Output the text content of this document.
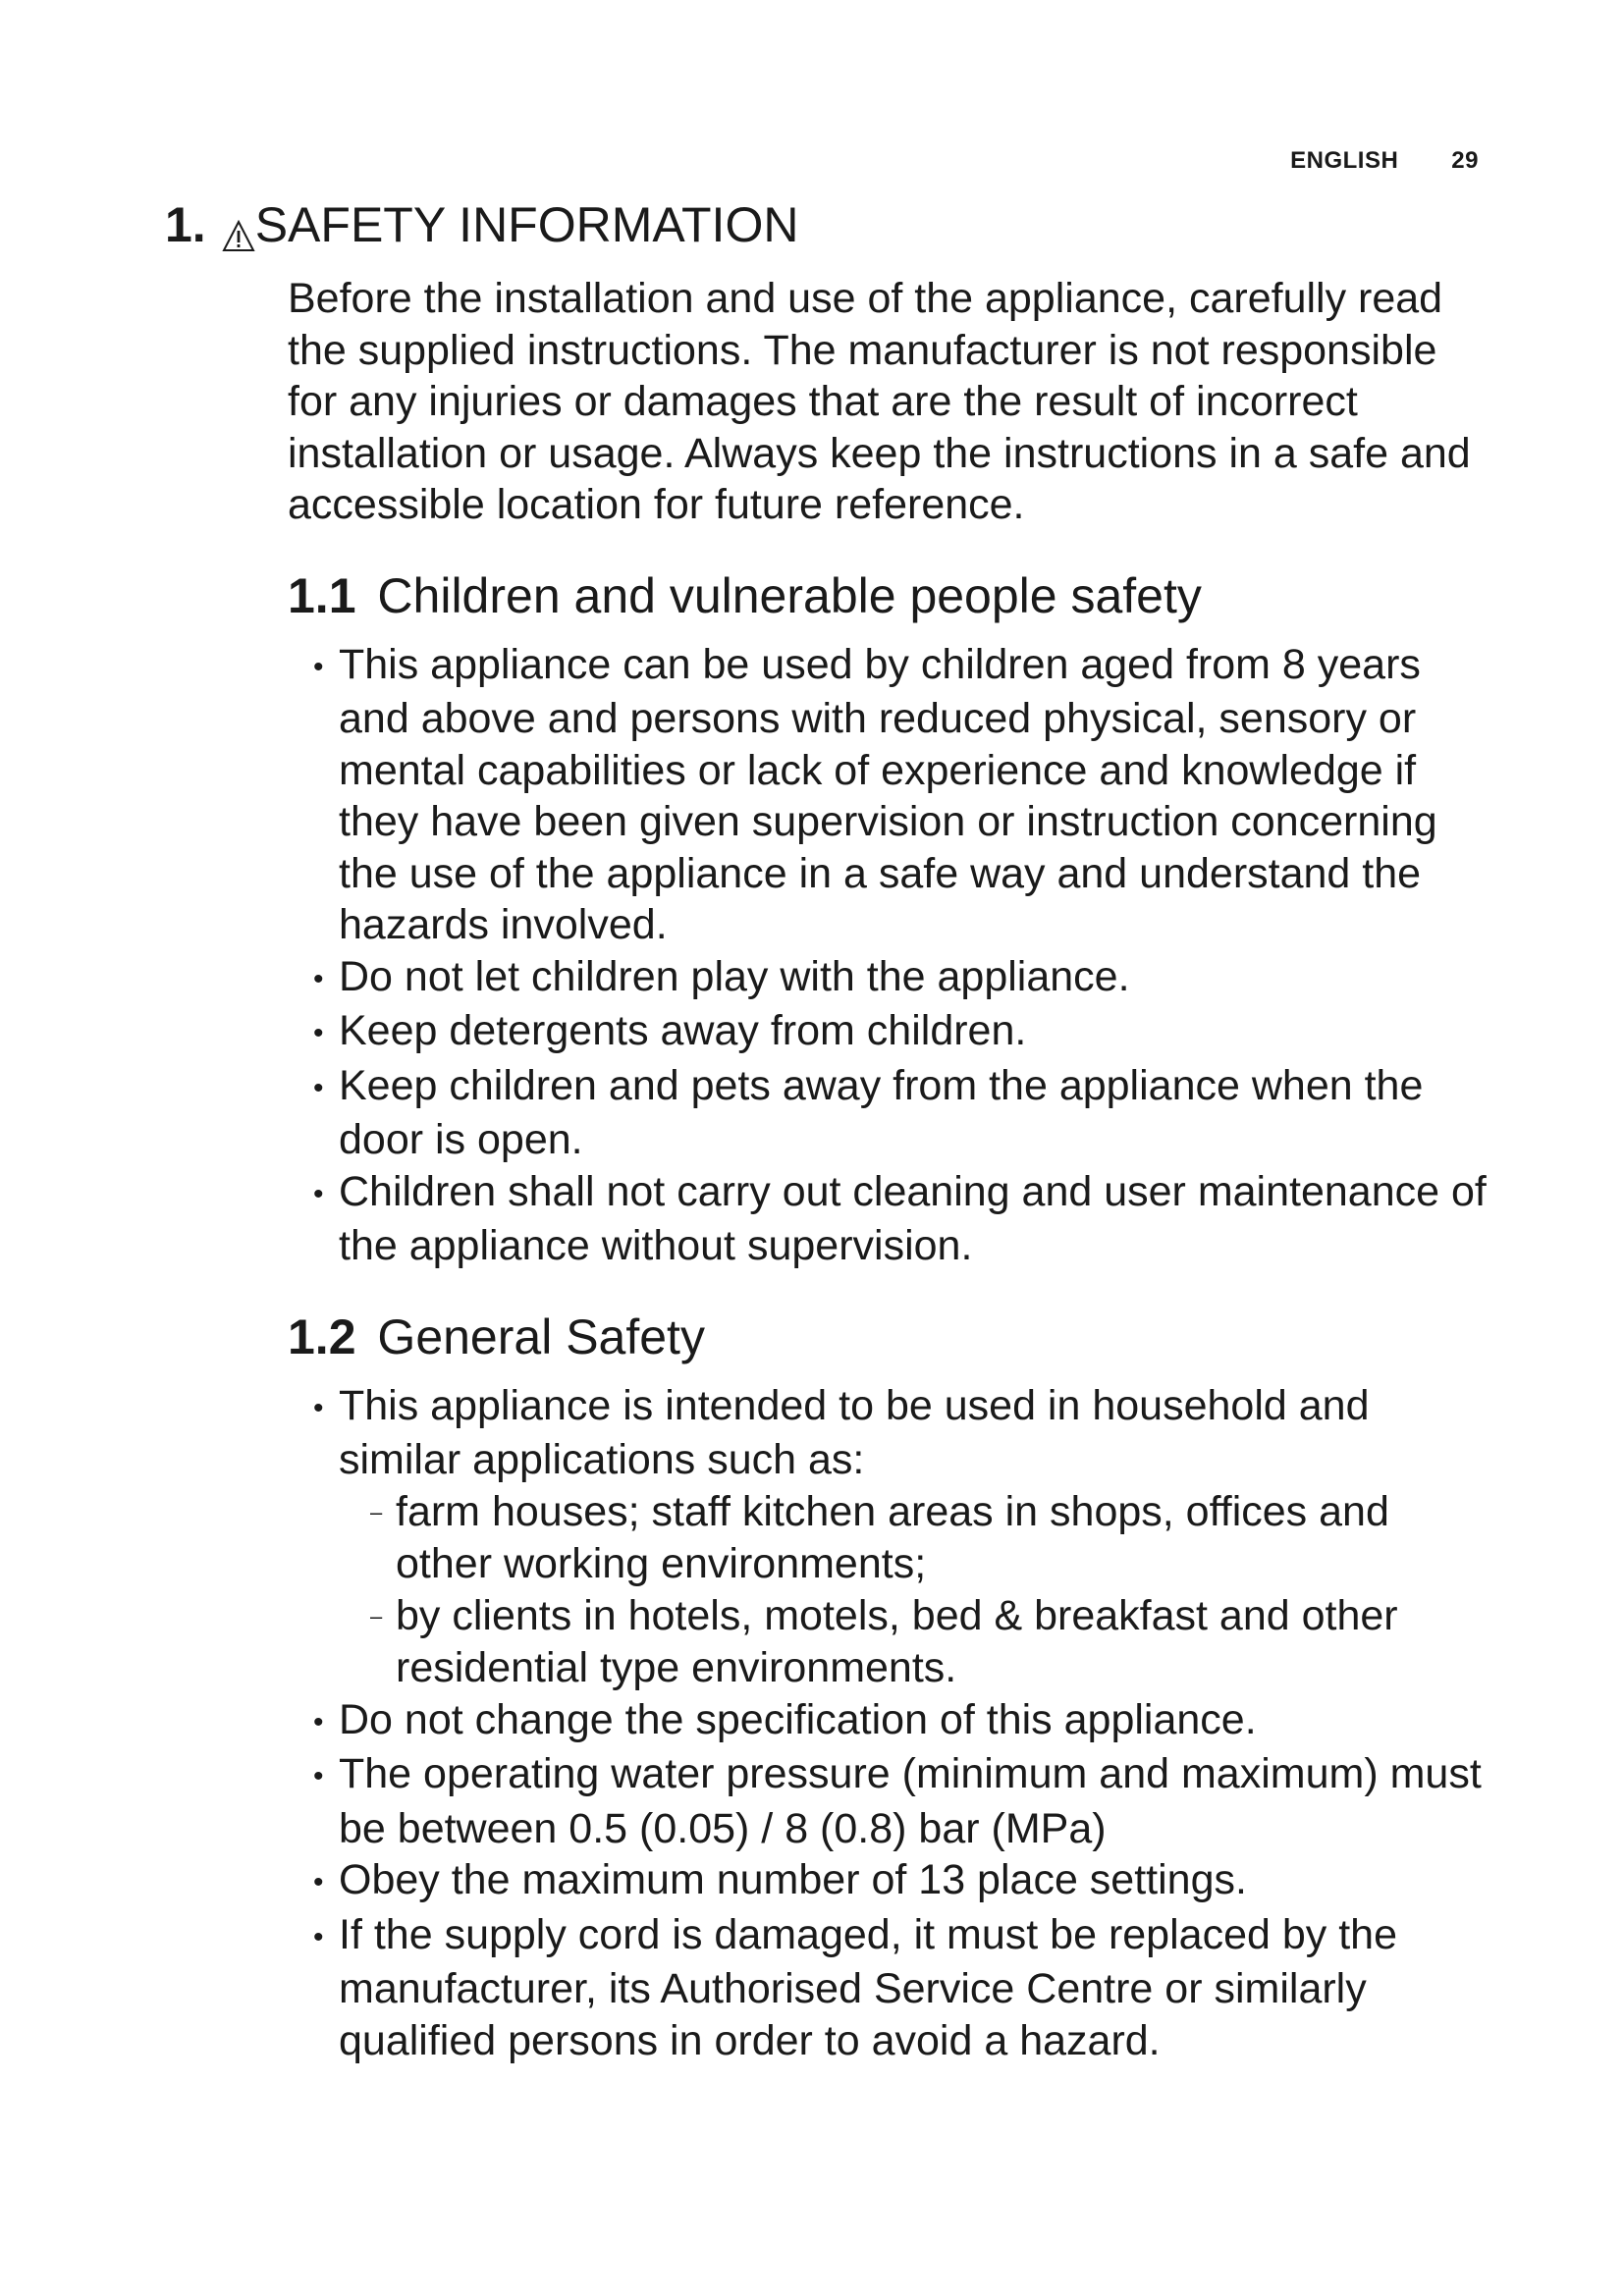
ENGLISH 29
1. SAFETY INFORMATION

Before the installation and use of the appliance, carefully read the supplied instructions. The manufacturer is not responsible for any injuries or damages that are the result of incorrect installation or usage. Always keep the instructions in a safe and accessible location for future reference.

1.1 Children and vulnerable people safety
• This appliance can be used by children aged from 8 years and above and persons with reduced physical, sensory or mental capabilities or lack of experience and knowledge if they have been given supervision or instruction concerning the use of the appliance in a safe way and understand the hazards involved.
• Do not let children play with the appliance.
• Keep detergents away from children.
• Keep children and pets away from the appliance when the door is open.
• Children shall not carry out cleaning and user maintenance of the appliance without supervision.
1.2 General Safety
• This appliance is intended to be used in household and similar applications such as:
– farm houses; staff kitchen areas in shops, offices and other working environments;
– by clients in hotels, motels, bed & breakfast and other residential type environments.
• Do not change the specification of this appliance.
• The operating water pressure (minimum and maximum) must be between 0.5 (0.05) / 8 (0.8) bar (MPa)
• Obey the maximum number of 13 place settings.
• If the supply cord is damaged, it must be replaced by the manufacturer, its Authorised Service Centre or similarly qualified persons in order to avoid a hazard.
